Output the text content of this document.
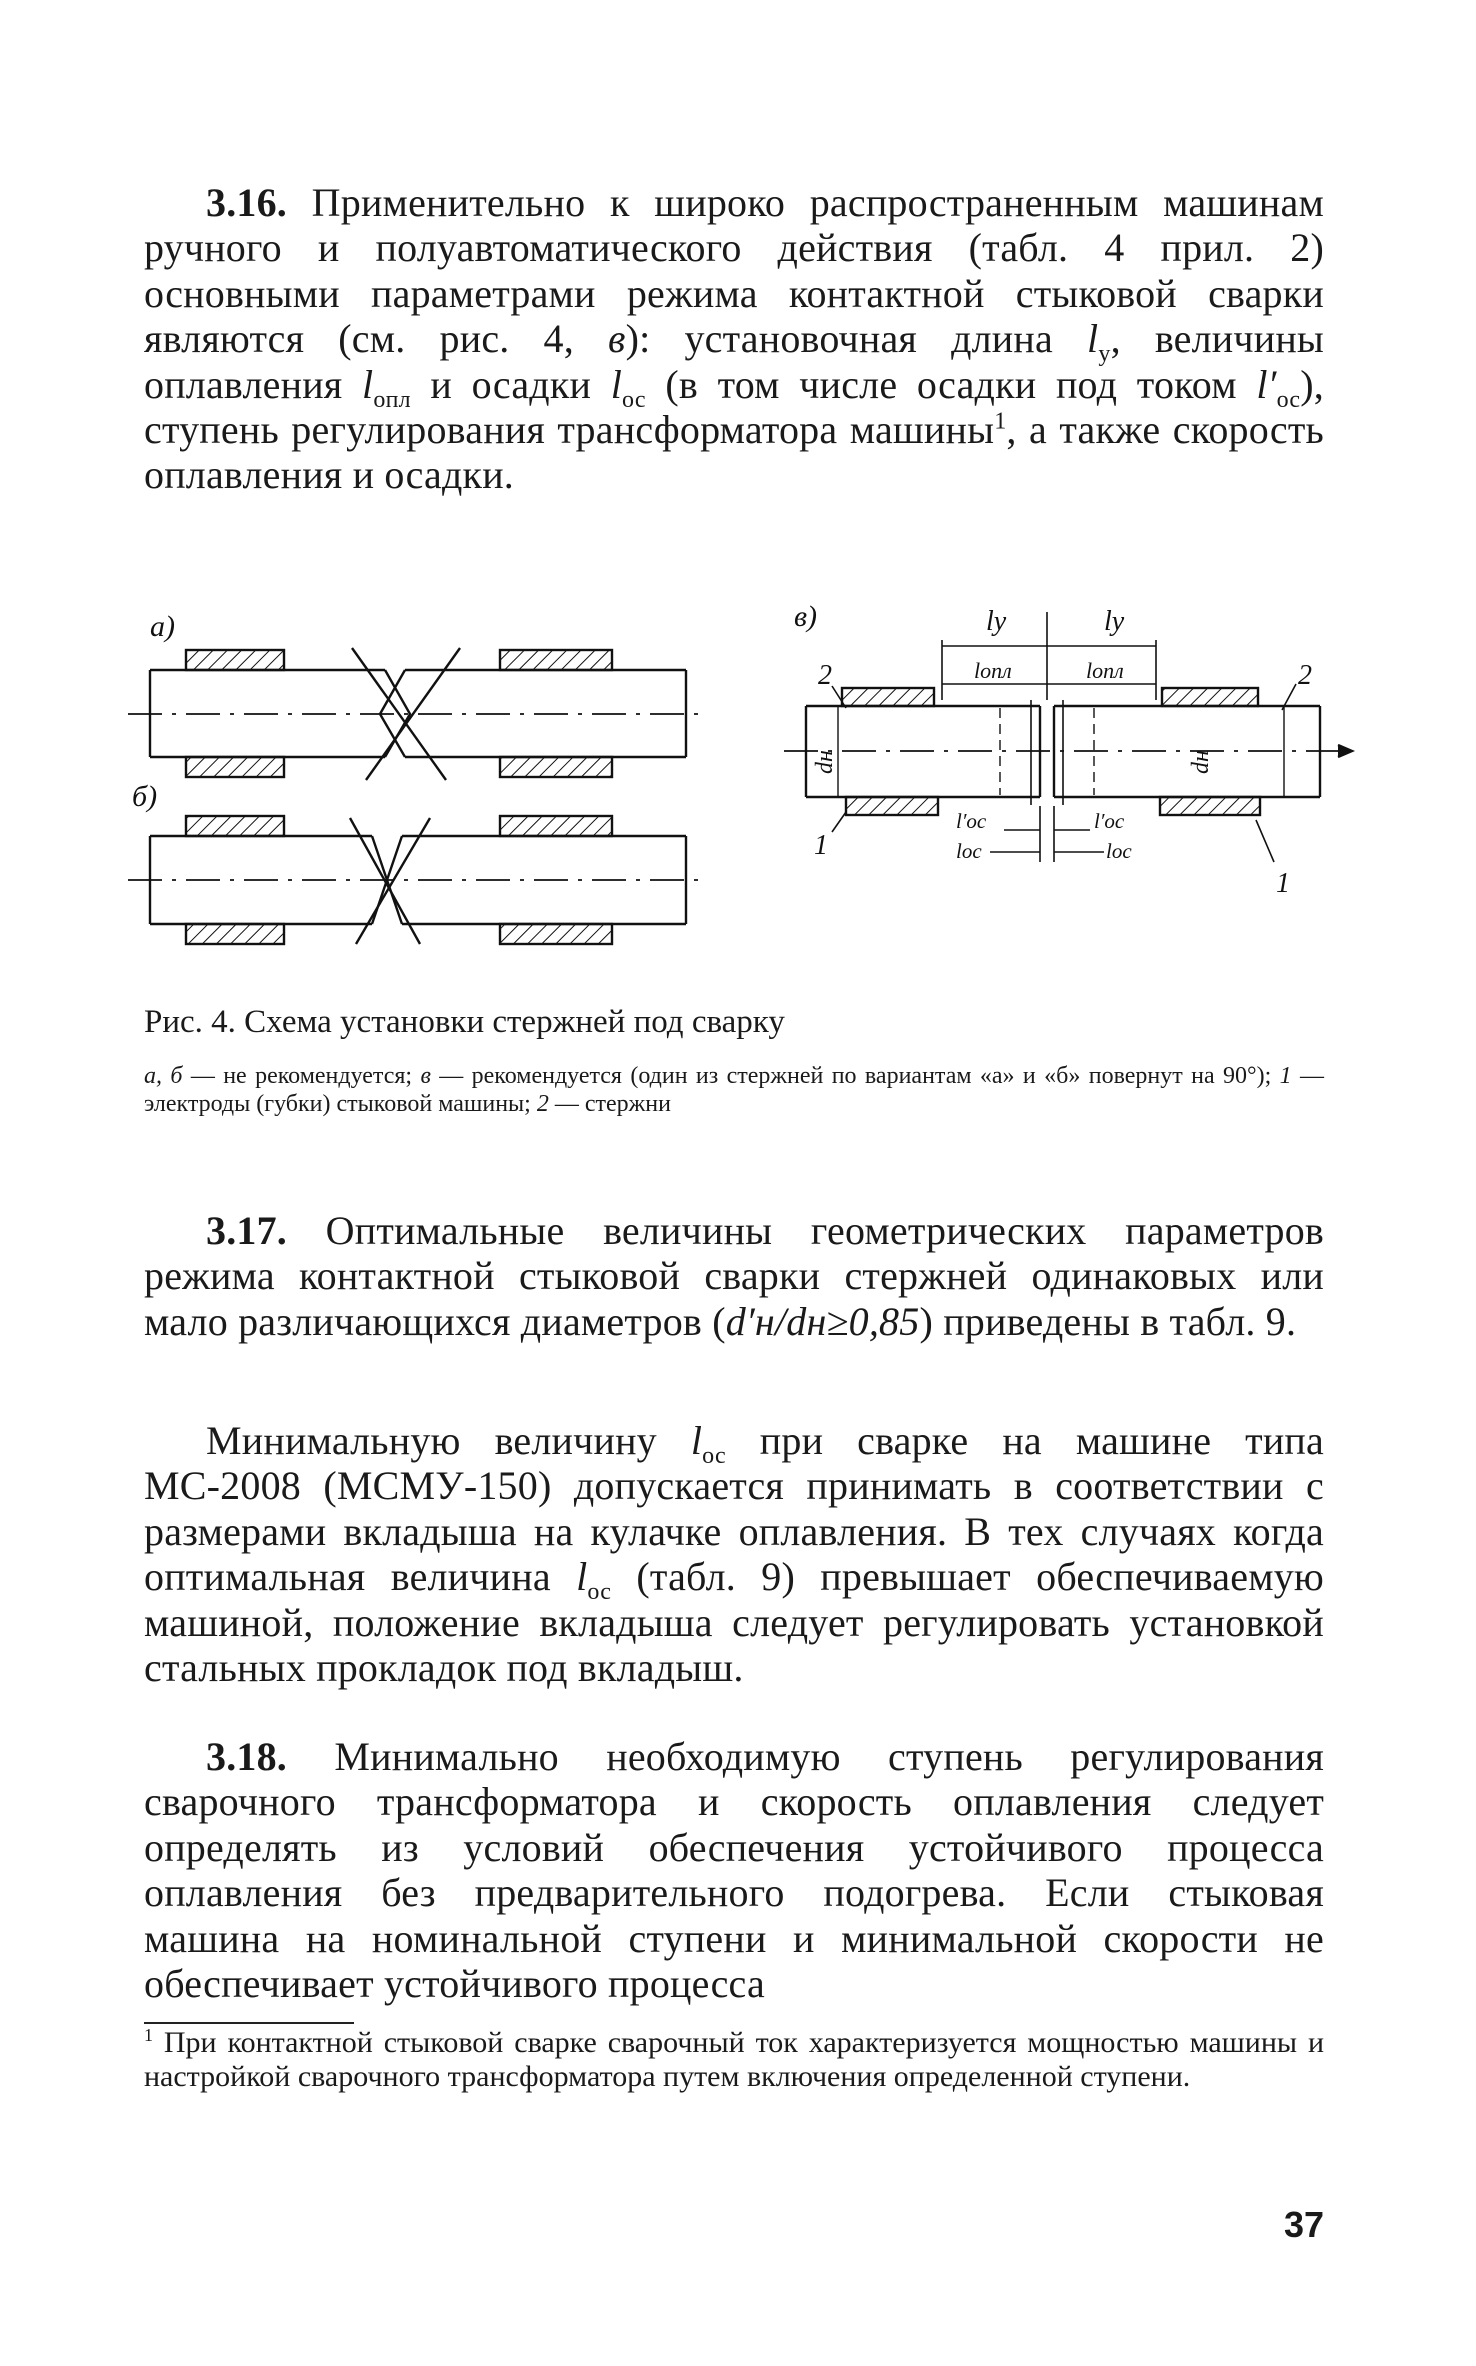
3.16. Применительно к широко распространенным машинам ручного и полуавтоматического действия (табл. 4 прил. 2) основными параметрами режима контактной стыковой сварки являются (см. рис. 4, в): установочная длина $l_у$, величины оплавления $l_{опл}$ и осадки $l_{ос}$ (в том числе осадки под током $l'_{ос}$), ступень регулирования трансформатора машины$^1$, а также скорость оплавления и осадки.

а)
б)
в)	lу	lу
lопл	lопл
l′ос
lос
l′ос
lос
dн	dн
2	2
1
1

Рис. 4. Схема установки стержней под сварку

а, б — не рекомендуется; в — рекомендуется (один из стержней по вариантам «а» и «б» повернут на 90°); 1 — электроды (губки) стыковой машины; 2 — стержни

3.17. Оптимальные величины геометрических параметров режима контактной стыковой сварки стержней одинаковых или мало различающихся диаметров (d′н/dн≥0,85) приведены в табл. 9.

Минимальную величину $l_{ос}$ при сварке на машине типа МС-2008 (МСМУ-150) допускается принимать в соответствии с размерами вкладыша на кулачке оплавления. В тех случаях когда оптимальная величина $l_{ос}$ (табл. 9) превышает обеспечиваемую машиной, положение вкладыша следует регулировать установкой стальных прокладок под вкладыш.

3.18. Минимально необходимую ступень регулирования сварочного трансформатора и скорость оплавления следует определять из условий обеспечения устойчивого процесса оплавления без предварительного подогрева. Если стыковая машина на номинальной ступени и минимальной скорости не обеспечивает устойчивого процесса

$^1$ При контактной стыковой сварке сварочный ток характеризуется мощностью машины и настройкой сварочного трансформатора путем включения определенной ступени.

37
